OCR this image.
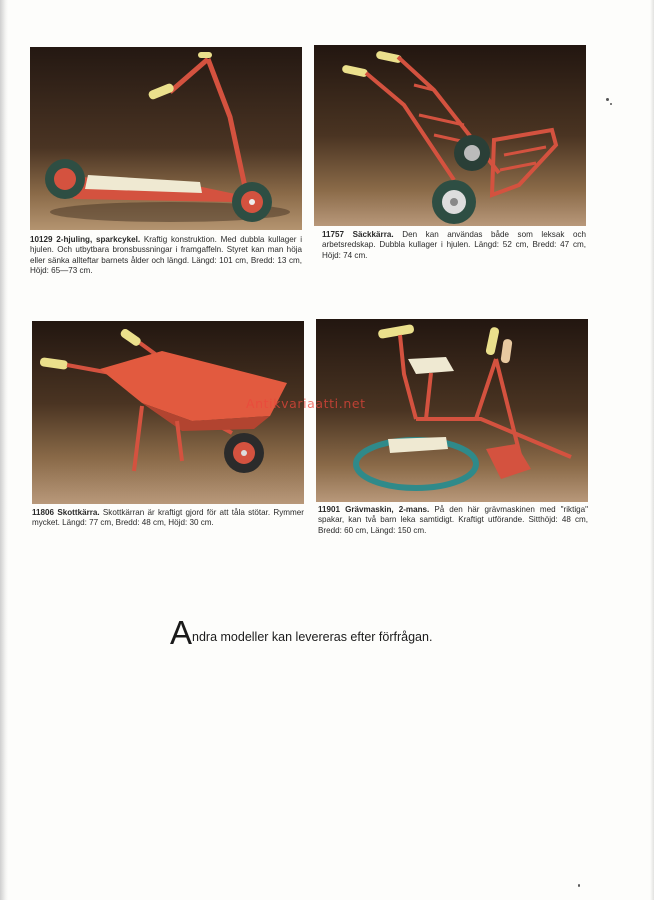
10129 2-hjuling, sparkcykel. Kraftig konstruktion. Med dubbla kullager i hjulen. Och utbytbara bronsbussningar i framgaffeln. Styret kan man höja eller sänka allteftar barnets ålder och längd. Längd: 101 cm, Bredd: 13 cm, Höjd: 65—73 cm.
11757 Säckkärra. Den kan användas både som leksak och arbetsredskap. Dubbla kullager i hjulen. Längd: 52 cm, Bredd: 47 cm, Höjd: 74 cm.
11806 Skottkärra. Skottkärran är kraftigt gjord för att tåla stötar. Rymmer mycket. Längd: 77 cm, Bredd: 48 cm, Höjd: 30 cm.
11901 Grävmaskin, 2-mans. På den här grävmaskinen med "riktiga" spakar, kan två barn leka samtidigt. Kraftigt utförande. Sitthöjd: 48 cm, Bredd: 60 cm, Längd: 150 cm.
Antikvariaatti.net
Andra modeller kan levereras efter förfrågan.
